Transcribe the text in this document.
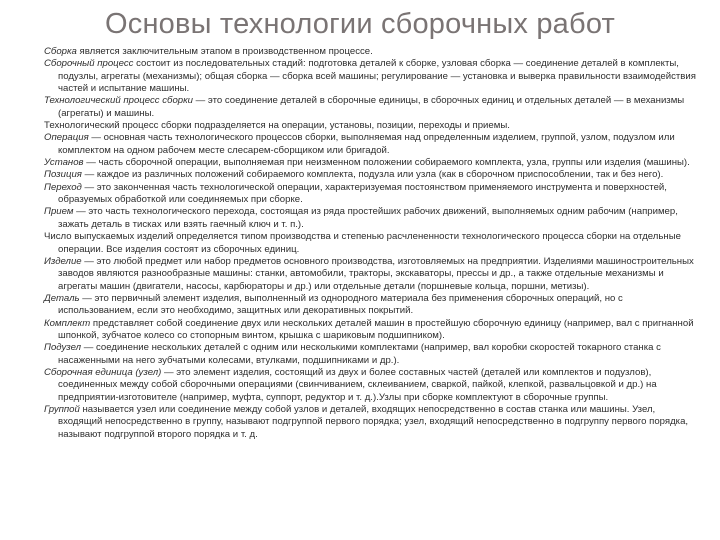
Основы технологии сборочных работ

Сборка является заключительным этапом в производственном процессе.

Сборочный процесс состоит из последовательных стадий: подготовка деталей к сборке, узловая сборка — соединение деталей в комплекты, подузлы, агрегаты (механизмы); общая сборка — сборка всей машины; регулирование — установка и выверка правильности взаимодействия частей и испытание машины.

Технологический процесс сборки — это соединение деталей в сборочные единицы, в сборочных единиц и отдельных деталей — в механизмы (агрегаты) и машины.

Технологический процесс сборки подразделяется на операции, установы, позиции, переходы и приемы.

Операция — основная часть технологического процессов сборки, выполняемая над определенным изделием, группой, узлом, подузлом или комплектом на одном рабочем месте слесарем-сборщиком или бригадой.

Установ — часть сборочной операции, выполняемая при неизменном положении собираемого комплекта, узла, группы или изделия (машины).

Позиция — каждое из различных положений собираемого комплекта, подузла или узла (как в сборочном приспособлении, так и без него).

Переход — это законченная часть технологической операции, характеризуемая постоянством применяемого инструмента и поверхностей, образуемых обработкой или соединяемых при сборке.

Прием — это часть технологического перехода, состоящая из ряда простейших рабочих движений, выполняемых одним рабочим (например, зажать деталь в тисках или взять гаечный ключ и т. п.).

Число выпускаемых изделий определяется типом производства и степенью расчлененности технологического процесса сборки на отдельные операции. Все изделия состоят из сборочных единиц.

Изделие — это любой предмет или набор предметов основного производства, изготовляемых на предприятии. Изделиями машиностроительных заводов являются разнообразные машины: станки, автомобили, тракторы, экскаваторы, прессы и др., а также отдельные механизмы и агрегаты машин (двигатели, насосы, карбюраторы и др.) или отдельные детали (поршневые кольца, поршни, метизы).

Деталь — это первичный элемент изделия, выполненный из однородного материала без применения сборочных операций, но с использованием, если это необходимо, защитных или декоративных покрытий.

Комплект представляет собой соединение двух или нескольких деталей машин в простейшую сборочную единицу (например, вал с пригнанной шпонкой, зубчатое колесо со стопорным винтом, крышка с шариковым подшипником).

Подузел — соединение нескольких деталей с одним или несколькими комплектами (например, вал коробки скоростей токарного станка с насаженными на него зубчатыми колесами, втулками, подшипниками и др.).

Сборочная единица (узел) — это элемент изделия, состоящий из двух и более составных частей (деталей или комплектов и подузлов), соединенных между собой сборочными операциями (свинчиванием, склеиванием, сваркой, пайкой, клепкой, развальцовкой и др.) на предприятии-изготовителе (например, муфта, суппорт, редуктор и т. д.).Узлы при сборке комплектуют в сборочные группы.

Группой называется узел или соединение между собой узлов и деталей, входящих непосредственно в состав станка или машины. Узел, входящий непосредственно в группу, называют подгруппой первого порядка; узел, входящий непосредственно в подгруппу первого порядка, называют подгруппой второго порядка и т. д.
